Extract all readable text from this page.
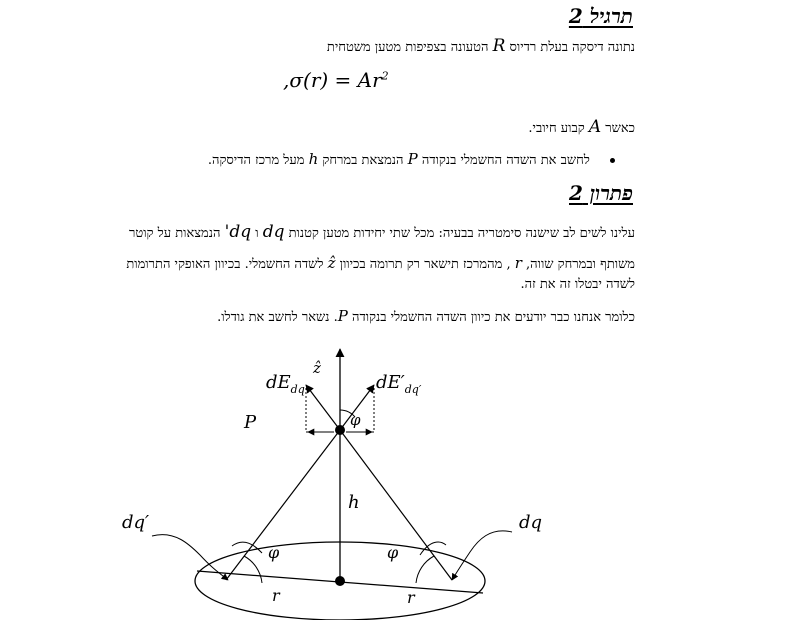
תרגיל 2
נתונה דיסקה בעלת רדיוס R הטעונה בצפיפות מטען משטחית
$,\sigma(r) = Ar^2$
כאשר A קבוע חיובי.
לחשב את השדה החשמלי בנקודה P הנמצאת במרחק h מעל מרכז הדיסקה.
פתרון 2
עלינו לשים לב שישנה סימטריה בבעיה: מכל שתי יחידות מטען קטנות dq ו dq' הנמצאות על קוטר
משותף ובמרחק שווה, r , מהמרכז תישאר רק תרומה בכיוון ẑ לשדה החשמלי. בכיוון האופקי התרומות
לשדה יבטלו זה את זה.
כלומר אנחנו כבר יודעים את כיוון השדה החשמלי בנקודה P. נשאר לחשב את גודלו.
ẑ
$dE_{dq}$	$dE'_{dq'}$
P	φ
h
dq′	dq
φ	φ
r	r
